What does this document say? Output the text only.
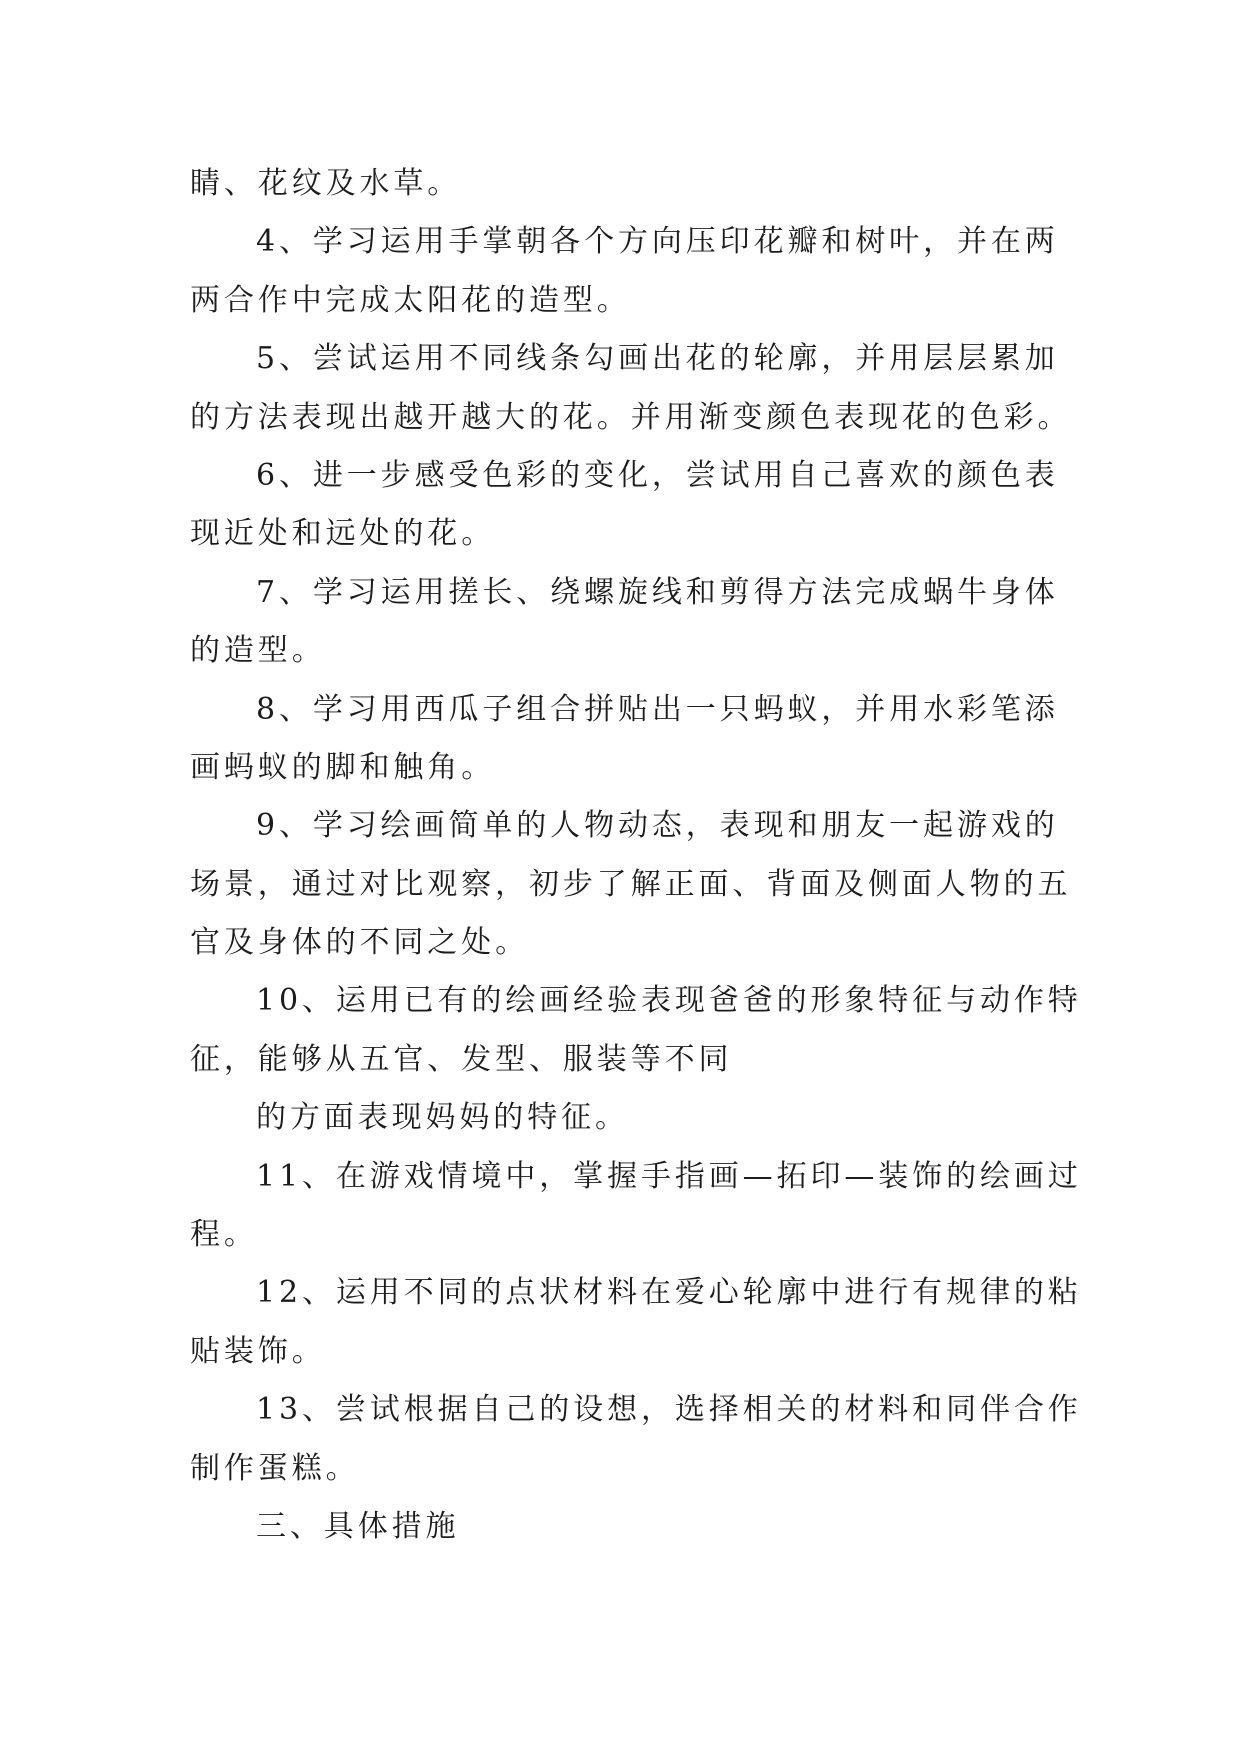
睛、花纹及水草。
4、学习运用手掌朝各个方向压印花瓣和树叶，并在两
两合作中完成太阳花的造型。
5、尝试运用不同线条勾画出花的轮廓，并用层层累加
的方法表现出越开越大的花。并用渐变颜色表现花的色彩。
6、进一步感受色彩的变化，尝试用自己喜欢的颜色表
现近处和远处的花。
7、学习运用搓长、绕螺旋线和剪得方法完成蜗牛身体
的造型。
8、学习用西瓜子组合拼贴出一只蚂蚁，并用水彩笔添
画蚂蚁的脚和触角。
9、学习绘画简单的人物动态，表现和朋友一起游戏的
场景，通过对比观察，初步了解正面、背面及侧面人物的五
官及身体的不同之处。
10、运用已有的绘画经验表现爸爸的形象特征与动作特
征，能够从五官、发型、服装等不同
的方面表现妈妈的特征。
11、在游戏情境中，掌握手指画—拓印—装饰的绘画过
程。
12、运用不同的点状材料在爱心轮廓中进行有规律的粘
贴装饰。
13、尝试根据自己的设想，选择相关的材料和同伴合作
制作蛋糕。
三、具体措施
